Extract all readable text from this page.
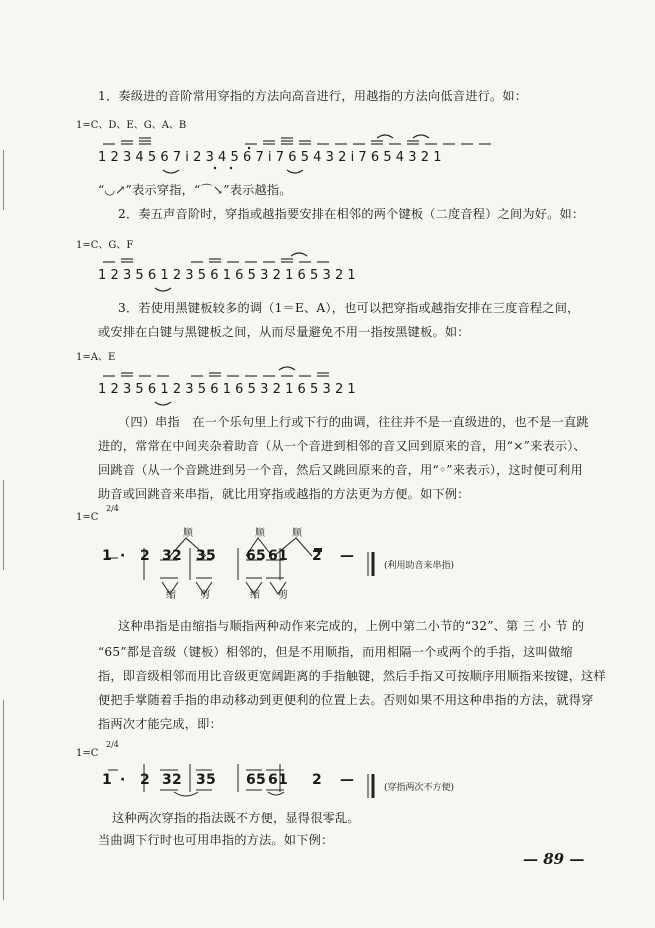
1．奏级进的音阶常用穿指的方法向高音进行，用越指的方法向低音进行。如：

1=C、D、E、G、A、B
1234567i234567i765432i7654321

“◡↗”表示穿指，“⌒↘”表示越指。

2．奏五声音阶时，穿指或越指要安排在相邻的两个键板（二度音程）之间为好。如：

1=C、G、F
123561235616532165321

3．若使用黑键板较多的调（1＝E、A），也可以把穿指或越指安排在三度音程之间，

或安排在白键与黑键板之间，从而尽量避免不用一指按黑键板。如：

1=A、E
123561235616532165321

（四）串指　在一个乐句里上行或下行的曲调，往往并不是一直级进的，也不是一直跳

进的，常常在中间夹杂着助音（从一个音进到相邻的音又回到原来的音，用“×”来表示）、

回跳音（从一个音跳进到另一个音，然后又跳回原来的音，用“◦”来表示），这时便可利用

助音或回跳音来串指，就比用穿指或越指的方法更为方便。如下例：

1=C
2/4
1 · 2 3 2 3 5 6 5 6 1 2 —
顺	顺	顺
缩 剪	缩 剪
(利用助音来串指)

这种串指是由缩指与顺指两种动作来完成的，上例中第二小节的“32”、第 三 小 节 的

“65”都是音级（键板）相邻的，但是不用顺指，而用相隔一个或两个的手指，这叫做缩

指，即音级相邻而用比音级更宽阔距离的手指触键，然后手指又可按顺序用顺指来按键，这样

便把手掌随着手指的串动移动到更便利的位置上去。否则如果不用这种串指的方法，就得穿

指两次才能完成，即：

1=C
2/4
1 · 2 3 2 3 5 6 5 6 1 2 —	(穿指两次不方便)

这种两次穿指的指法既不方便，显得很零乱。

当曲调下行时也可用串指的方法。如下例：

— 89 —
